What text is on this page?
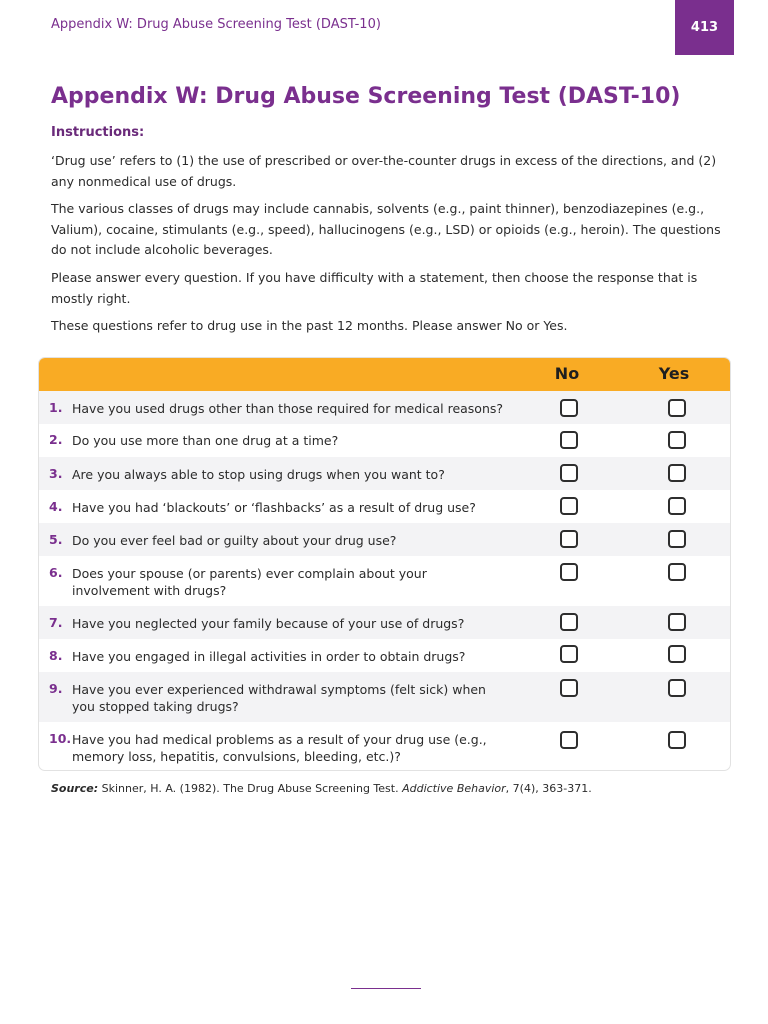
Appendix W: Drug Abuse Screening Test (DAST-10)	413
Appendix W: Drug Abuse Screening Test (DAST-10)
Instructions:

‘Drug use’ refers to (1) the use of prescribed or over-the-counter drugs in excess of the directions, and (2) any nonmedical use of drugs.

The various classes of drugs may include cannabis, solvents (e.g., paint thinner), benzodiazepines (e.g., Valium), cocaine, stimulants (e.g., speed), hallucinogens (e.g., LSD) or opioids (e.g., heroin). The questions do not include alcoholic beverages.

Please answer every question. If you have difficulty with a statement, then choose the response that is mostly right.

These questions refer to drug use in the past 12 months. Please answer No or Yes.

No	Yes
1. Have you used drugs other than those required for medical reasons?
2. Do you use more than one drug at a time?
3. Are you always able to stop using drugs when you want to?
4. Have you had ‘blackouts’ or ‘flashbacks’ as a result of drug use?
5. Do you ever feel bad or guilty about your drug use?
6. Does your spouse (or parents) ever complain about your involvement with drugs?
7. Have you neglected your family because of your use of drugs?
8. Have you engaged in illegal activities in order to obtain drugs?
9. Have you ever experienced withdrawal symptoms (felt sick) when you stopped taking drugs?
10. Have you had medical problems as a result of your drug use (e.g., memory loss, hepatitis, convulsions, bleeding, etc.)?
Source: Skinner, H. A. (1982). The Drug Abuse Screening Test. Addictive Behavior, 7(4), 363-371.
